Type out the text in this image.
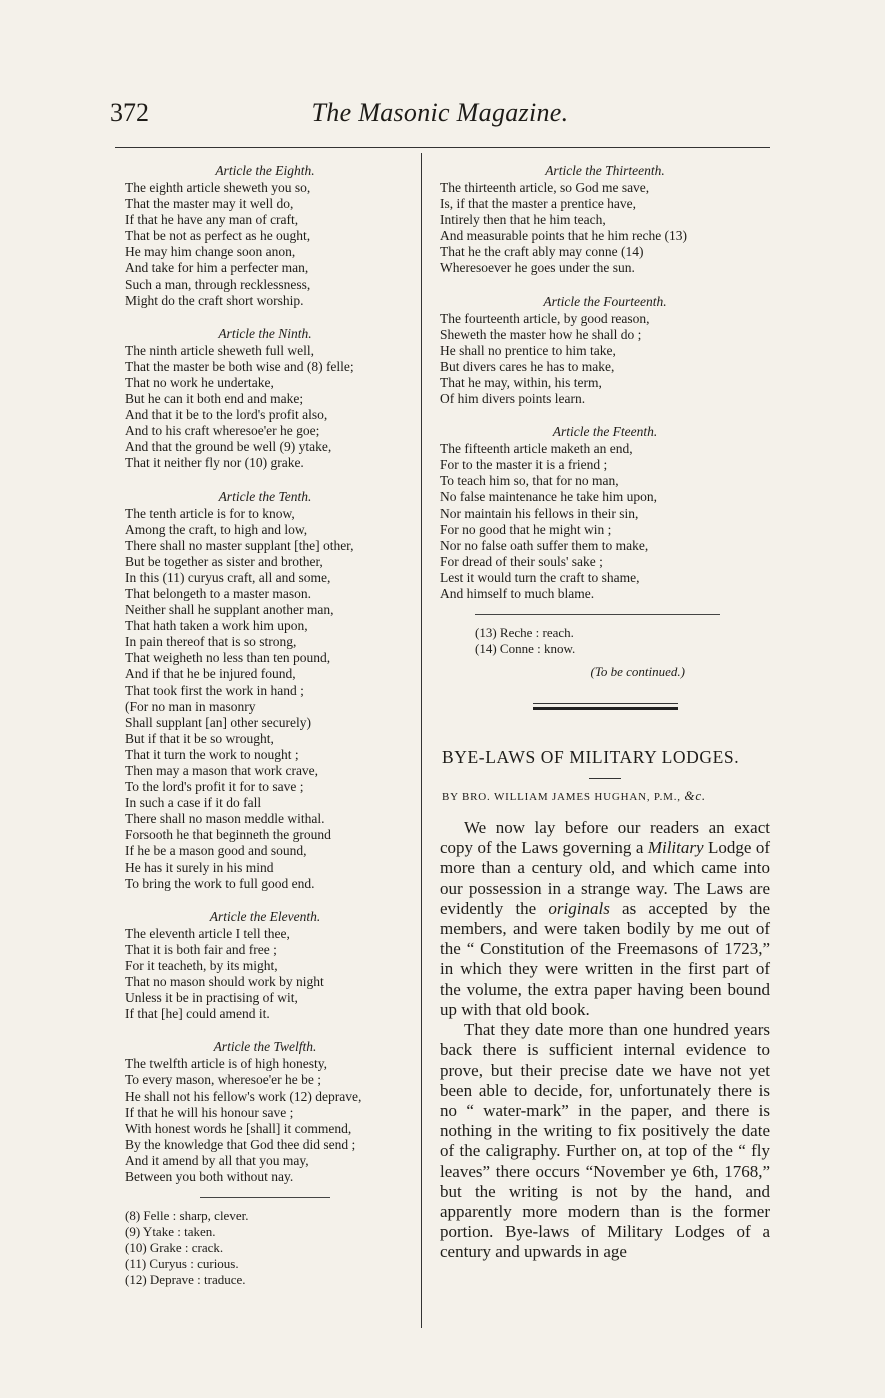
372	The Masonic Magazine.
Article the Eighth.
The eighth article sheweth you so,
That the master may it well do,
If that he have any man of craft,
That be not as perfect as he ought,
He may him change soon anon,
And take for him a perfecter man,
Such a man, through recklessness,
Might do the craft short worship.
Article the Ninth.
The ninth article sheweth full well,
That the master be both wise and (8) felle;
That no work he undertake,
But he can it both end and make;
And that it be to the lord's profit also,
And to his craft wheresoe'er he goe;
And that the ground be well (9) ytake,
That it neither fly nor (10) grake.
Article the Tenth.
The tenth article is for to know,
Among the craft, to high and low,
There shall no master supplant [the] other,
But be together as sister and brother,
In this (11) curyus craft, all and some,
That belongeth to a master mason.
Neither shall he supplant another man,
That hath taken a work him upon,
In pain thereof that is so strong,
That weigheth no less than ten pound,
And if that he be injured found,
That took first the work in hand ;
(For no man in masonry
Shall supplant [an] other securely)
But if that it be so wrought,
That it turn the work to nought ;
Then may a mason that work crave,
To the lord's profit it for to save ;
In such a case if it do fall
There shall no mason meddle withal.
Forsooth he that beginneth the ground
If he be a mason good and sound,
He has it surely in his mind
To bring the work to full good end.
Article the Eleventh.
The eleventh article I tell thee,
That it is both fair and free ;
For it teacheth, by its might,
That no mason should work by night
Unless it be in practising of wit,
If that [he] could amend it.
Article the Twelfth.
The twelfth article is of high honesty,
To every mason, wheresoe'er he be ;
He shall not his fellow's work (12) deprave,
If that he will his honour save ;
With honest words he [shall] it commend,
By the knowledge that God thee did send ;
And it amend by all that you may,
Between you both without nay.
(8) Felle : sharp, clever.
(9) Ytake : taken.
(10) Grake : crack.
(11) Curyus : curious.
(12) Deprave : traduce.
Article the Thirteenth.
The thirteenth article, so God me save,
Is, if that the master a prentice have,
Intirely then that he him teach,
And measurable points that he him reche (13)
That he the craft ably may conne (14)
Wheresoever he goes under the sun.
Article the Fourteenth.
The fourteenth article, by good reason,
Sheweth the master how he shall do ;
He shall no prentice to him take,
But divers cares he has to make,
That he may, within, his term,
Of him divers points learn.
Article the Fteenth.
The fifteenth article maketh an end,
For to the master it is a friend ;
To teach him so, that for no man,
No false maintenance he take him upon,
Nor maintain his fellows in their sin,
For no good that he might win ;
Nor no false oath suffer them to make,
For dread of their souls' sake ;
Lest it would turn the craft to shame,
And himself to much blame.
(13) Reche : reach.
(14) Conne : know.
(To be continued.)
BYE-LAWS OF MILITARY LODGES.
BY BRO. WILLIAM JAMES HUGHAN, P.M., &c.

We now lay before our readers an exact copy of the Laws governing a Military Lodge of more than a century old, and which came into our possession in a strange way. The Laws are evidently the originals as accepted by the members, and were taken bodily by me out of the “ Constitution of the Freemasons of 1723,” in which they were written in the first part of the volume, the extra paper having been bound up with that old book.

That they date more than one hundred years back there is sufficient internal evidence to prove, but their precise date we have not yet been able to decide, for, unfortunately there is no “ water-mark” in the paper, and there is nothing in the writing to fix positively the date of the caligraphy. Further on, at top of the “ fly leaves” there occurs “November ye 6th, 1768,” but the writing is not by the hand, and apparently more modern than is the former portion. Bye-laws of Military Lodges of a century and upwards in age
